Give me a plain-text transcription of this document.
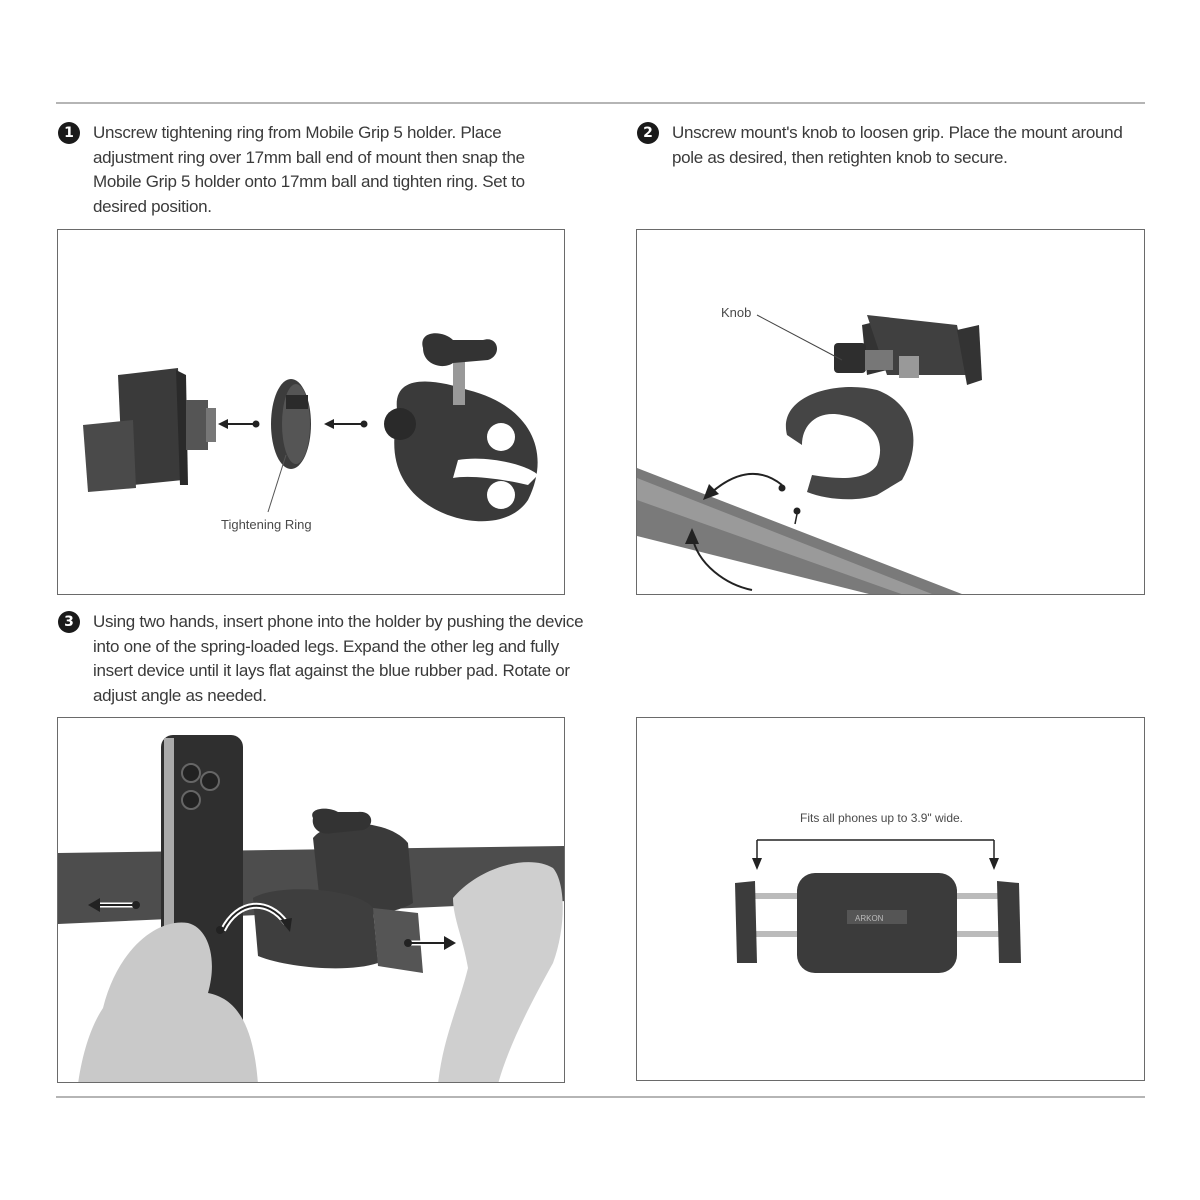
1	Unscrew tightening ring from Mobile Grip 5 holder. Place adjustment ring over 17mm ball end of mount then snap the Mobile Grip 5 holder onto 17mm ball and tighten ring. Set to desired position.
2	Unscrew mount's knob to loosen grip. Place the mount around pole as desired, then retighten knob to secure.
3	Using two hands, insert phone into the holder by pushing the device into one of the spring-loaded legs. Expand the other leg and fully insert device until it lays flat against the blue rubber pad. Rotate or adjust angle as needed.
Tightening Ring
Knob
Fits all phones up to 3.9" wide.
ARKON
